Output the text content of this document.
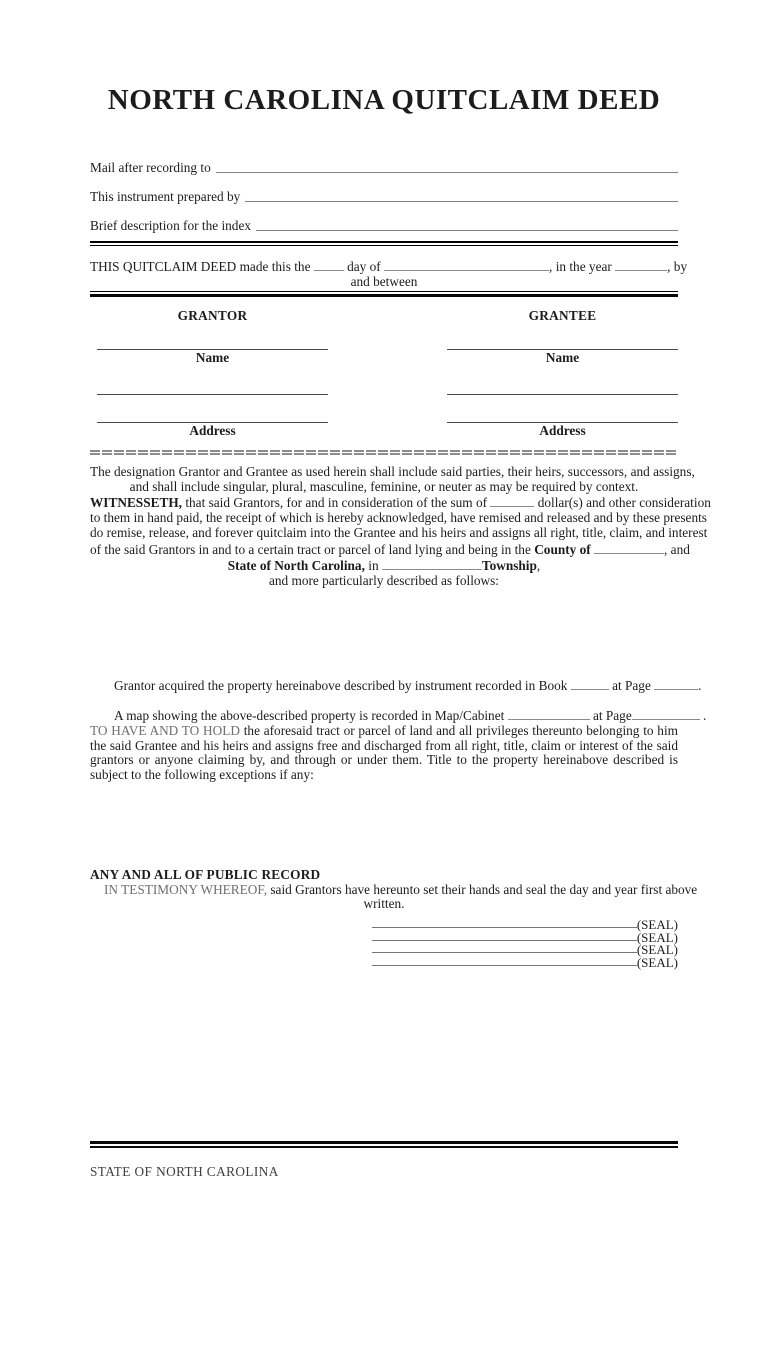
NORTH CAROLINA QUITCLAIM DEED
Mail after recording to
This instrument prepared by
Brief description for the index
THIS QUITCLAIM DEED made this the  day of	, in the year	, by
and between
GRANTOR
Name
Address
GRANTEE
Name
Address
The designation Grantor and Grantee as used herein shall include said parties, their heirs, successors, and assigns,
and shall include singular, plural, masculine, feminine, or neuter as may be required by context.
WITNESSETH, that said Grantors, for and in consideration of the sum of	dollar(s) and other consideration
to them in hand paid, the receipt of which is hereby acknowledged, have remised and released and by these presents
do remise, release, and forever quitclaim into the Grantee and his heirs and assigns all right, title, claim, and interest
of the said Grantors in and to a certain tract or parcel of land lying and being in the County of	, and
State of North Carolina, in	Township,
and more particularly described as follows:
Grantor acquired the property hereinabove described by instrument recorded in Book	at Page	.
A map showing the above-described property is recorded in Map/Cabinet	at Page	.
TO HAVE AND TO HOLD the aforesaid tract or parcel of land and all privileges thereunto belonging to him the said Grantee and his heirs and assigns free and discharged from all right, title, claim or interest of the said grantors or anyone claiming by, and through or under them. Title to the property hereinabove described is subject to the following exceptions if any:
ANY AND ALL OF PUBLIC RECORD
IN TESTIMONY WHEREOF, said Grantors have hereunto set their hands and seal the day and year first above
written.
(SEAL)
(SEAL)
(SEAL)
(SEAL)
STATE OF NORTH CAROLINA
